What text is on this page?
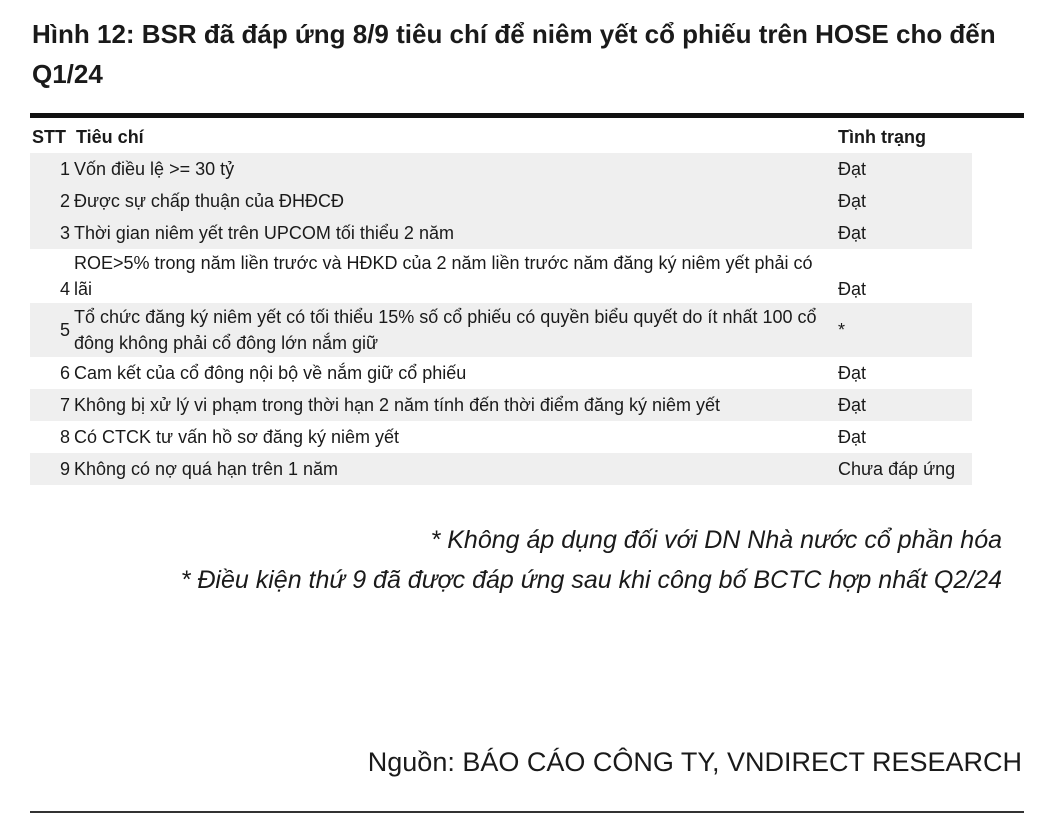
Hình 12: BSR đã đáp ứng 8/9 tiêu chí để niêm yết cổ phiếu trên HOSE cho đến Q1/24
STT	Tiêu chí	Tình trạng
1	Vốn điều lệ >= 30 tỷ	Đạt
2	Được sự chấp thuận của ĐHĐCĐ	Đạt
3	Thời gian niêm yết trên UPCOM tối thiểu 2 năm	Đạt
4	ROE>5% trong năm liền trước và HĐKD của 2 năm liền trước năm đăng ký niêm yết phải có lãi	Đạt
5	Tổ chức đăng ký niêm yết có tối thiểu 15% số cổ phiếu có quyền biểu quyết do ít nhất 100 cổ đông không phải cổ đông lớn nắm giữ	*
6	Cam kết của cổ đông nội bộ về nắm giữ cổ phiếu	Đạt
7	Không bị xử lý vi phạm trong thời hạn 2 năm tính đến thời điểm đăng ký niêm yết	Đạt
8	Có CTCK tư vấn hồ sơ đăng ký niêm yết	Đạt
9	Không có nợ quá hạn trên 1 năm	Chưa đáp ứng
* Không áp dụng đối với DN Nhà nước cổ phần hóa
* Điều kiện thứ 9 đã được đáp ứng sau khi công bố BCTC hợp nhất Q2/24
Nguồn: BÁO CÁO CÔNG TY, VNDIRECT RESEARCH
